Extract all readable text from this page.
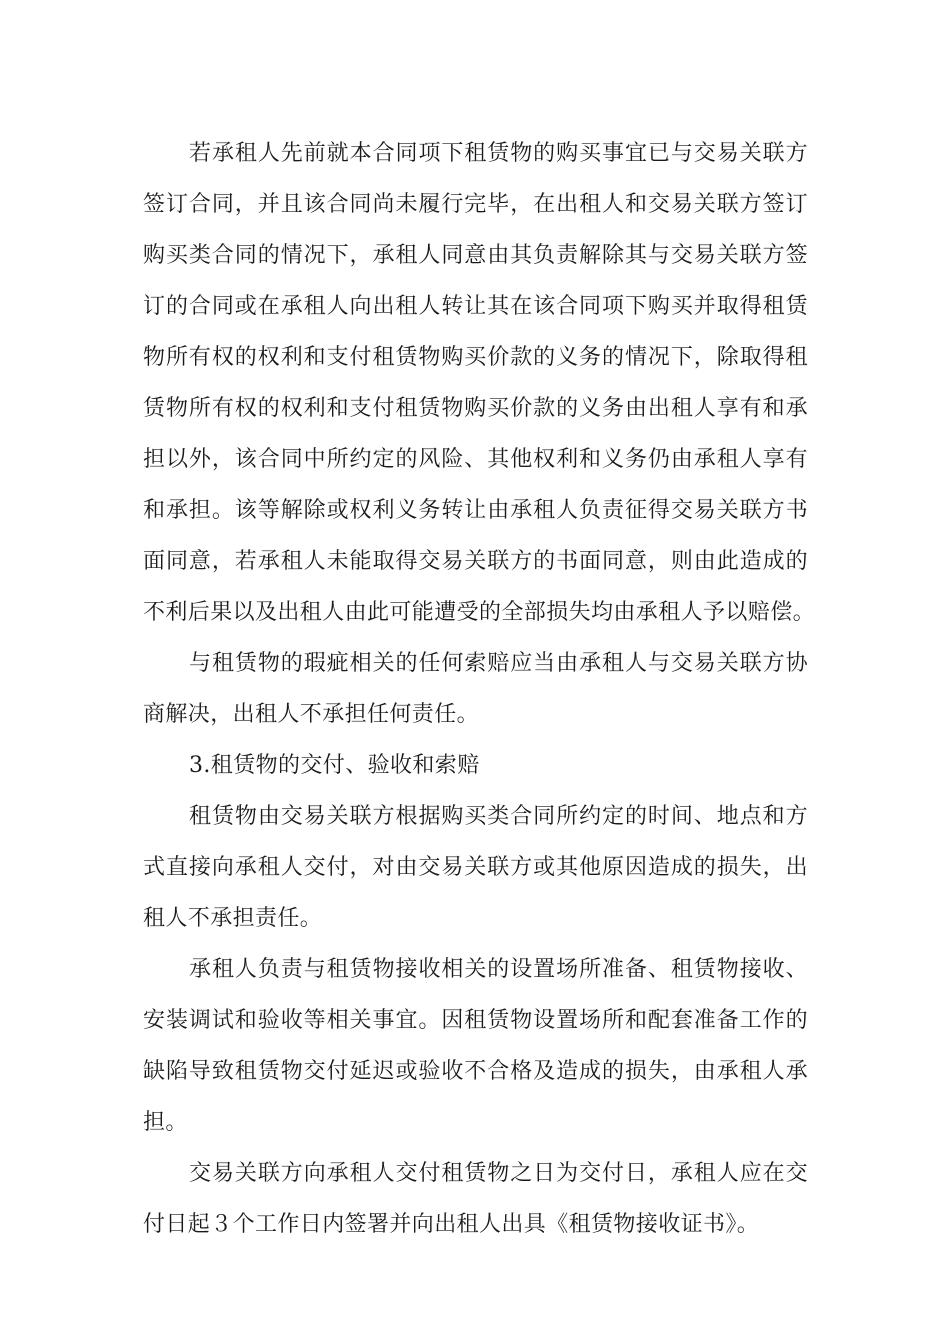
若承租人先前就本合同项下租赁物的购买事宜已与交易关联方
签订合同，并且该合同尚未履行完毕，在出租人和交易关联方签订
购买类合同的情况下，承租人同意由其负责解除其与交易关联方签
订的合同或在承租人向出租人转让其在该合同项下购买并取得租赁
物所有权的权利和支付租赁物购买价款的义务的情况下，除取得租
赁物所有权的权利和支付租赁物购买价款的义务由出租人享有和承
担以外，该合同中所约定的风险、其他权利和义务仍由承租人享有
和承担。该等解除或权利义务转让由承租人负责征得交易关联方书
面同意，若承租人未能取得交易关联方的书面同意，则由此造成的
不利后果以及出租人由此可能遭受的全部损失均由承租人予以赔偿。
与租赁物的瑕疵相关的任何索赔应当由承租人与交易关联方协
商解决，出租人不承担任何责任。
3.租赁物的交付、验收和索赔
租赁物由交易关联方根据购买类合同所约定的时间、地点和方
式直接向承租人交付，对由交易关联方或其他原因造成的损失，出
租人不承担责任。
承租人负责与租赁物接收相关的设置场所准备、租赁物接收、
安装调试和验收等相关事宜。因租赁物设置场所和配套准备工作的
缺陷导致租赁物交付延迟或验收不合格及造成的损失，由承租人承
担。
交易关联方向承租人交付租赁物之日为交付日，承租人应在交
付日起３个工作日内签署并向出租人出具《租赁物接收证书》。
